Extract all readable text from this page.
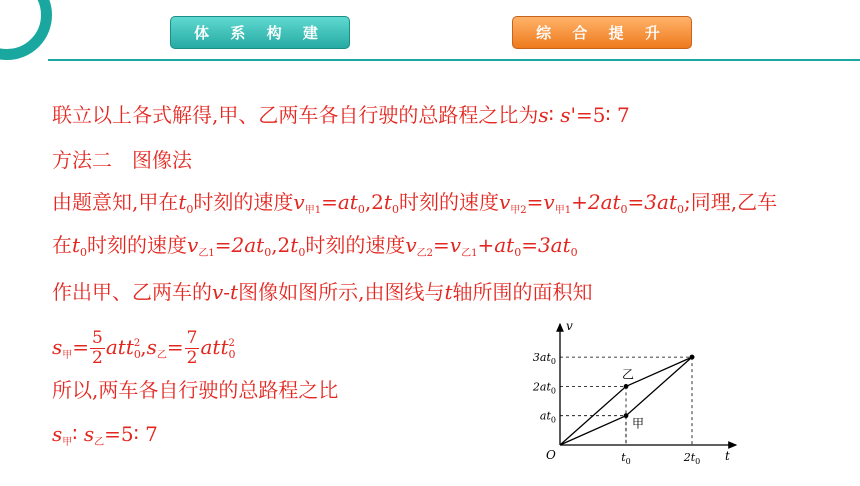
体 系 构 建	综 合 提 升
联立以上各式解得,甲、乙两车各自行驶的总路程之比为s∶ s'=5∶ 7
方法二　图像法
由题意知,甲在$t_0$时刻的速度$v_{甲1}=at_0,2t_0$时刻的速度$v_{甲2}=v_{甲1}+2at_0=3at_0$;同理,乙车
在$t_0$时刻的速度$v_{乙1}=2at_0,2t_0$时刻的速度$v_{乙2}=v_{乙1}+at_0=3at_0$
作出甲、乙两车的v-t图像如图所示,由图线与t轴所围的面积知
$s_甲= \frac{5}{2} att_0^2,s_乙= \frac{7}{2} att_0^2$
所以,两车各自行驶的总路程之比
$s_甲∶$ $s_乙=5∶$ 7
v
t
O
$at_0$
$2at_0$
$3at_0$
$t_0$	$2t_0$
甲
乙
